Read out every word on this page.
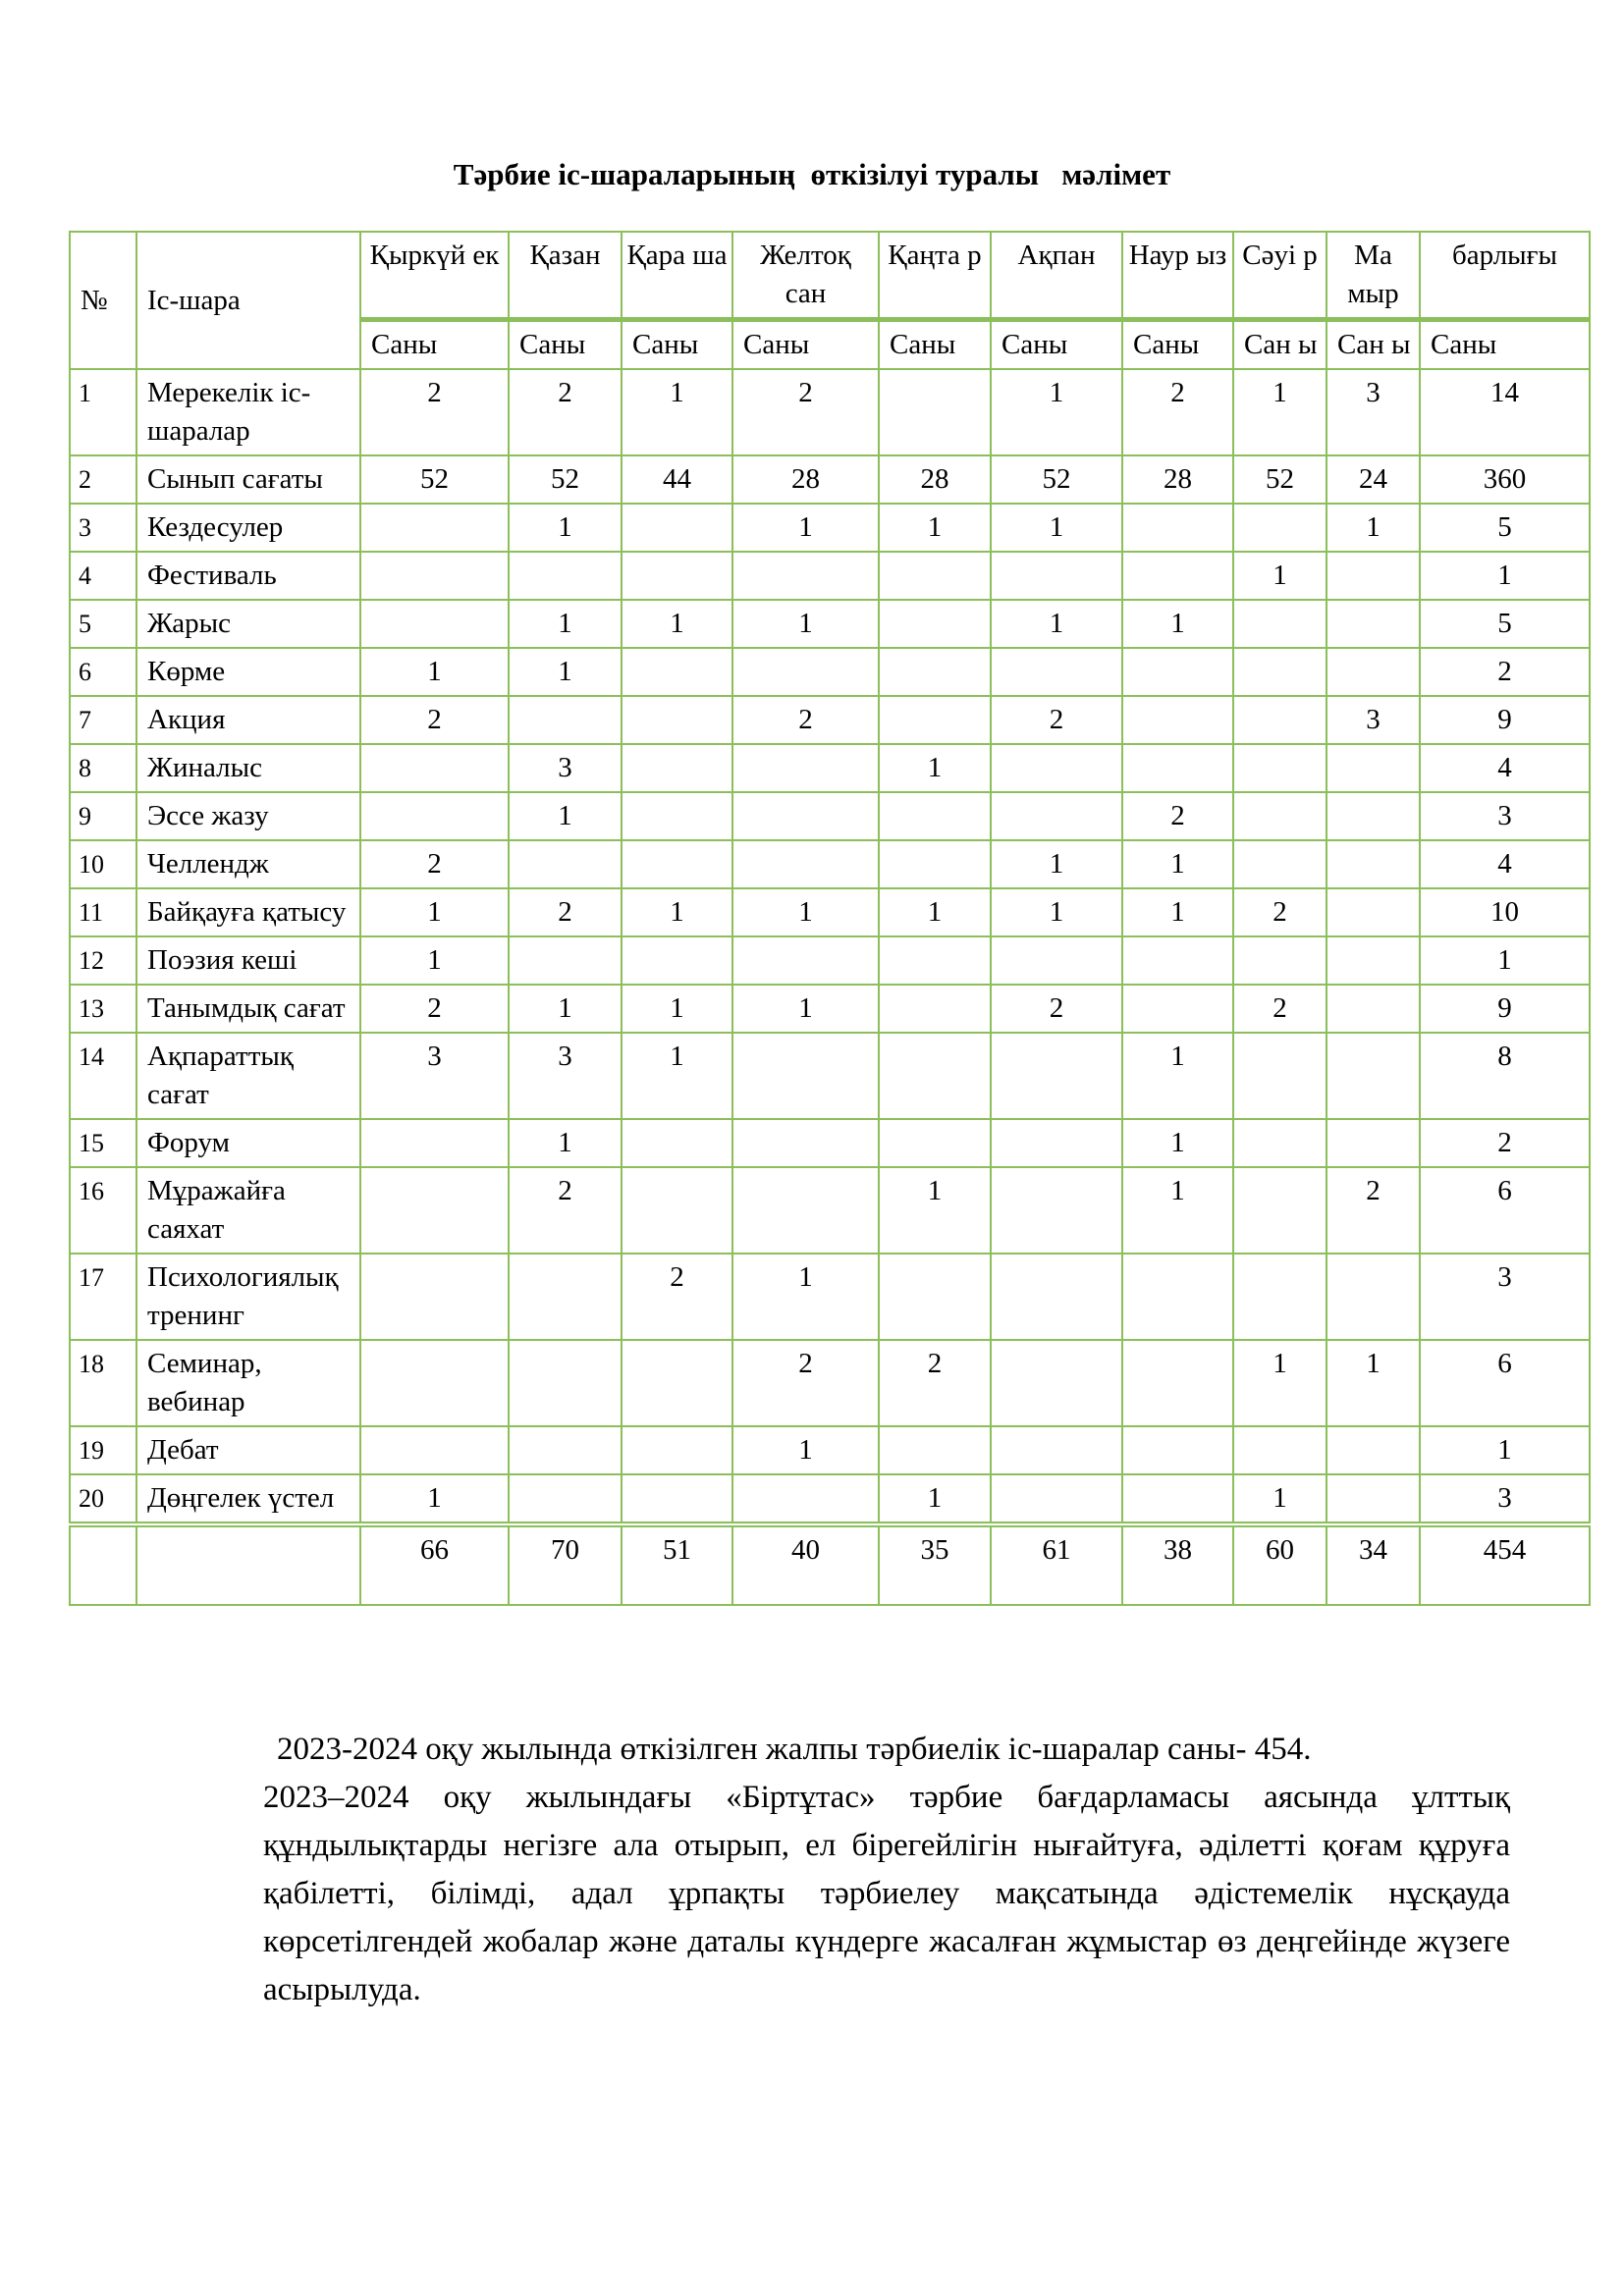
Тәрбие іс-шараларының  өткізілуі туралы   мәлімет
№	Іс-шара	Қыркүй ек	Қазан	Қара ша	Желтоқ сан	Қаңта р	Ақпан	Наур ыз	Сәуі р	Ма мыр	барлығы
		Саны	Саны	Саны	Саны	Саны	Саны	Саны	Сан ы	Сан ы	Саны
1	Мерекелік іс-шаралар	2	2	1	2		1	2	1	3	14
2	Сынып сағаты	52	52	44	28	28	52	28	52	24	360
3	Кездесулер		1		1	1	1			1	5
4	Фестиваль								1		1
5	Жарыс		1	1	1		1	1			5
6	Көрме	1	1								2
7	Акция	2			2		2			3	9
8	Жиналыс		3			1					4
9	Эссе жазу		1					2			3
10	Челлендж	2					1	1			4
11	Байқауға қатысу	1	2	1	1	1	1	1	2		10
12	Поэзия кеші	1									1
13	Танымдық сағат	2	1	1	1		2		2		9
14	Ақпараттық сағат	3	3	1				1			8
15	Форум		1					1			2
16	Мұражайға саяхат		2			1		1		2	6
17	Психологиялық тренинг			2	1						3
18	Семинар, вебинар				2	2			1	1	6
19	Дебат				1						1
20	Дөңгелек үстел	1				1			1		3
		66	70	51	40	35	61	38	60	34	454

2023-2024 оқу жылында өткізілген жалпы тәрбиелік іс-шаралар саны- 454.

2023–2024 оқу жылындағы «Біртұтас» тәрбие бағдарламасы аясында ұлттық құндылықтарды негізге ала отырып, ел бірегейлігін нығайтуға, әділетті қоғам құруға қабілетті, білімді, адал ұрпақты тәрбиелеу мақсатында әдістемелік нұсқауда көрсетілгендей жобалар және даталы күндерге жасалған жұмыстар өз деңгейінде жүзеге асырылуда.
